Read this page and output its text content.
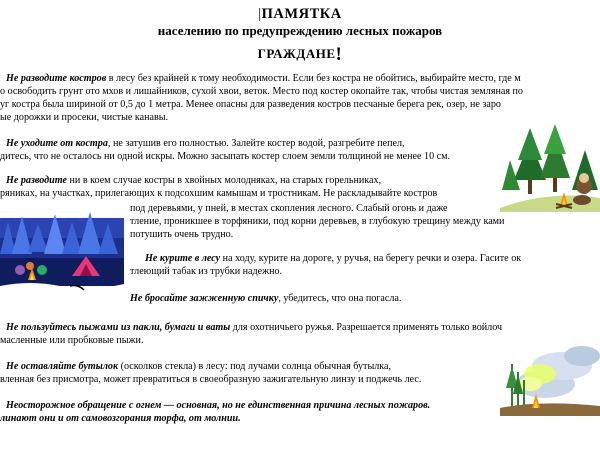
|ПАМЯТКА
населению по предупреждению лесных пожаров
ГРАЖДАНЕ!
Не разводите костров в лесу без крайней к тому необходимости. Если без костра не обойтись, выбирайте место, где м
о освободить грунт ото мхов и лишайников, сухой хвои, веток. Место под костер окопайте так, чтобы чистая земляная по
уг костра была шириной от 0,5 до 1 метра. Менее опасны для разведения костров песчаные берега рек, озер, не заро
ые дорожки и просеки, чистые канавы.
Не уходите от костра, не затушив его полностью. Залейте костер водой, разгребите пепел,
дитесь, что не осталось ни одной искры. Можно засыпать костер слоем земли толщиной не менее 10 см.
Не разводите ни в коем случае костры в хвойных молодняках, на старых горельниках,
ряниках, на участках, прилегающих к подсохшим камышам и тростникам. Не раскладывайте костров
под деревьями, у пней, в местах скопления лесного. Слабый огонь и даже
тление, проникшее в торфяники, под корни деревьев, в глубокую трещину между ками
потушить очень трудно.
Не курите в лесу на ходу, курите на дороге, у ручья, на берегу речки и озера. Гасите ок
тлеющий табак из трубки надежно.
Не бросайте зажженную спичку, убедитесь, что она погасла.
Не пользуйтесь пыжами из пакли, бумаги и ваты для охотничьего ружья. Разрешается применять только войлоч
масленные или пробковые пыжи.
Не оставляйте бутылок (осколков стекла) в лесу: под лучами солнца обычная бутылка,
вленная без присмотра, может превратиться в своеобразную зажигательную линзу и поджечь лес.
Неосторожное обращение с огнем — основная, но не единственная причина лесных пожаров.
линают они и от самовозгорания торфа, от молнии.
